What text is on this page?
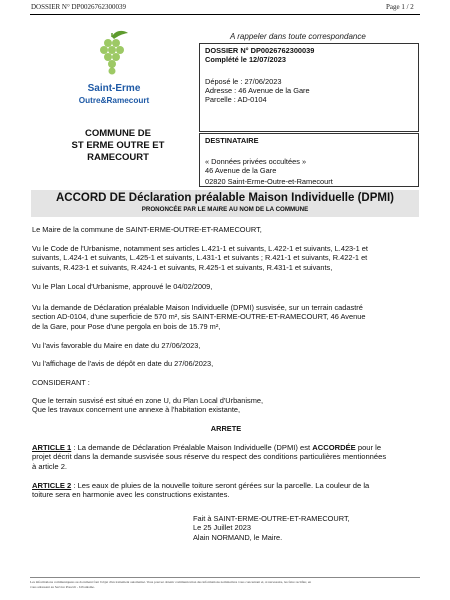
DOSSIER N° DP0026762300039	Page 1 / 2
Saint-Erme
Outre&Ramecourt
COMMUNE DE
ST ERME OUTRE ET
RAMECOURT
A rappeler dans toute correspondance
DOSSIER N° DP0026762300039
Complété le 12/07/2023
Déposé le : 27/06/2023
Adresse : 46 Avenue de la Gare
Parcelle : AD-0104
DESTINATAIRE
« Données privées occultées »
46 Avenue de la Gare
02820 Saint-Erme-Outre-et-Ramecourt
ACCORD DE Déclaration préalable Maison Individuelle (DPMI)
PRONONCÉE PAR LE MAIRE AU NOM DE LA COMMUNE
Le Maire de la commune de SAINT-ERME-OUTRE-ET-RAMECOURT,
Vu le Code de l'Urbanisme, notamment ses articles L.421-1 et suivants, L.422-1 et suivants, L.423-1 et
suivants, L.424-1 et suivants, L.425-1 et suivants, L.431-1 et suivants ; R.421-1 et suivants, R.422-1 et
suivants, R.423-1 et suivants, R.424-1 et suivants, R.425-1 et suivants, R.431-1 et suivants,
Vu le Plan Local d'Urbanisme, approuvé le 04/02/2009,
Vu la demande de Déclaration préalable Maison Individuelle (DPMI) susvisée, sur un terrain cadastré
section AD-0104, d'une superficie de 570 m², sis SAINT-ERME-OUTRE-ET-RAMECOURT, 46 Avenue
de la Gare, pour Pose d'une pergola en bois de 15.79 m²,
Vu l'avis favorable du Maire en date du 27/06/2023,
Vu l'affichage de l'avis de dépôt en date du 27/06/2023,
CONSIDERANT :
Que le terrain susvisé est situé en zone U, du Plan Local d'Urbanisme,
Que les travaux concernent une annexe à l'habitation existante,
ARRETE
ARTICLE 1 : La demande de Déclaration Préalable Maison Individuelle (DPMI) est ACCORDÉE pour le
projet décrit dans la demande susvisée sous réserve du respect des conditions particulières mentionnées
à article 2.
ARTICLE 2 : Les eaux de pluies de la nouvelle toiture seront gérées sur la parcelle. La couleur de la
toiture sera en harmonie avec les constructions existantes.
Fait à SAINT-ERME-OUTRE-ET-RAMECOURT,
Le 25 Juillet 2023
Alain NORMAND, le Maire.
Les informations communiquées au document font l'objet d'un traitement automatisé. Vous pouvez obtenir communication des informations nominatives vous concernant et, si nécessaire, les faire rectifier, en
vous adressant au Service Prescrit - Urbanisme.
